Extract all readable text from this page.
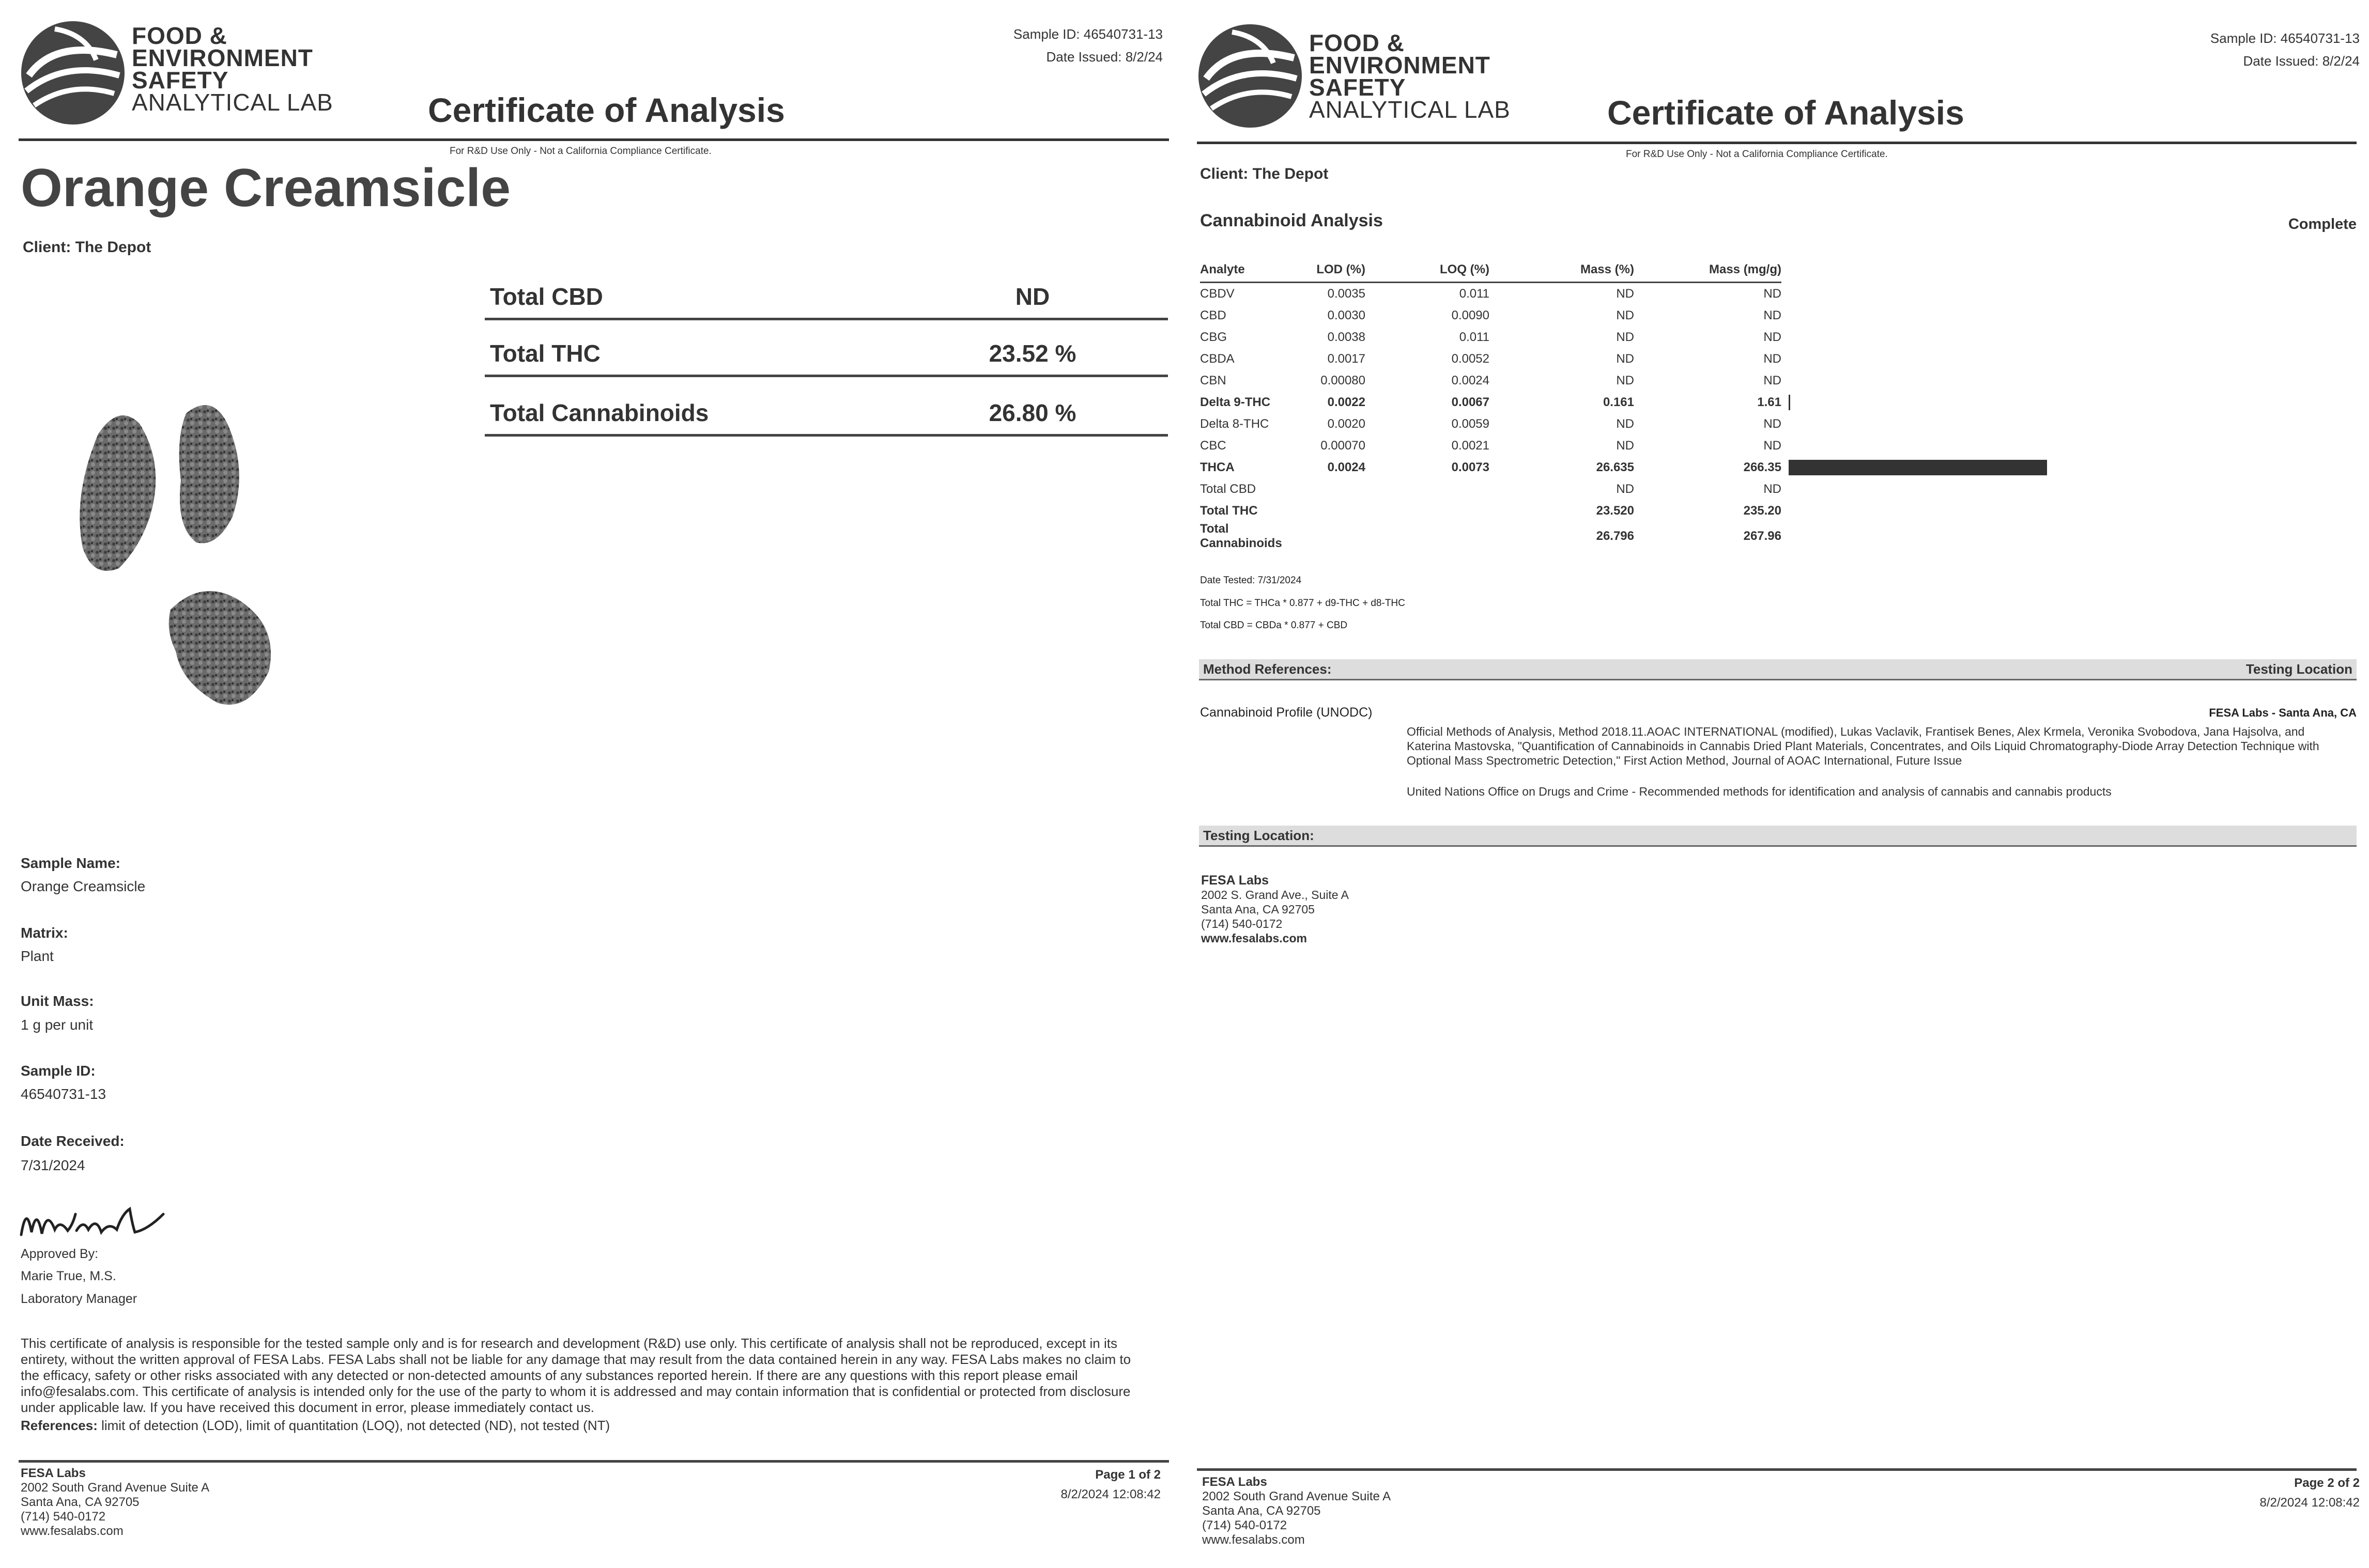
FOOD &
ENVIRONMENT
SAFETY
ANALYTICAL LAB
Sample ID: 46540731-13
Date Issued: 8/2/24
Certificate of Analysis
For R&D Use Only - Not a California Compliance Certificate.
Orange Creamsicle
Client: The Depot
Total CBD	ND
Total THC	23.52 %
Total Cannabinoids	26.80 %
Sample Name:
Orange Creamsicle
Matrix:
Plant
Unit Mass:
1 g per unit
Sample ID:
46540731-13
Date Received:
7/31/2024
Approved By:
Marie True, M.S.
Laboratory Manager
This certificate of analysis is responsible for the tested sample only and is for research and development (R&D) use only. This certificate of analysis shall not be reproduced, except in its entirety, without the written approval of FESA Labs. FESA Labs shall not be liable for any damage that may result from the data contained herein in any way. FESA Labs makes no claim to the efficacy, safety or other risks associated with any detected or non-detected amounts of any substances reported herein. If there are any questions with this report please email info@fesalabs.com. This certificate of analysis is intended only for the use of the party to whom it is addressed and may contain information that is confidential or protected from disclosure under applicable law. If you have received this document in error, please immediately contact us.
References: limit of detection (LOD), limit of quantitation (LOQ), not detected (ND), not tested (NT)
FESA Labs
2002 South Grand Avenue Suite A
Santa Ana, CA 92705
(714) 540-0172
www.fesalabs.com
Page 1 of 2
8/2/2024 12:08:42
FOOD &
ENVIRONMENT
SAFETY
ANALYTICAL LAB
Sample ID: 46540731-13
Date Issued: 8/2/24
Certificate of Analysis
For R&D Use Only - Not a California Compliance Certificate.
Client: The Depot
Cannabinoid Analysis	Complete
Analyte	LOD (%)	LOQ (%)	Mass (%)	Mass (mg/g)	
CBDV	0.0035	0.011	ND	ND	
CBD	0.0030	0.0090	ND	ND	
CBG	0.0038	0.011	ND	ND	
CBDA	0.0017	0.0052	ND	ND	
CBN	0.00080	0.0024	ND	ND	
Delta 9-THC	0.0022	0.0067	0.161	1.61	
Delta 8-THC	0.0020	0.0059	ND	ND	
CBC	0.00070	0.0021	ND	ND	
THCA	0.0024	0.0073	26.635	266.35	
Total CBD			ND	ND	
Total THC			23.520	235.20	
Total Cannabinoids			26.796	267.96	
Date Tested: 7/31/2024
Total THC = THCa * 0.877 + d9-THC + d8-THC
Total CBD = CBDa * 0.877 + CBD
Method References:	Testing Location
Cannabinoid Profile (UNODC)	FESA Labs - Santa Ana, CA
Official Methods of Analysis, Method 2018.11.AOAC INTERNATIONAL (modified), Lukas Vaclavik, Frantisek Benes, Alex Krmela, Veronika Svobodova, Jana Hajsolva, and Katerina Mastovska, "Quantification of Cannabinoids in Cannabis Dried Plant Materials, Concentrates, and Oils Liquid Chromatography-Diode Array Detection Technique with Optional Mass Spectrometric Detection," First Action Method, Journal of AOAC International, Future Issue
United Nations Office on Drugs and Crime - Recommended methods for identification and analysis of cannabis and cannabis products
Testing Location:
FESA Labs
2002 S. Grand Ave., Suite A
Santa Ana, CA 92705
(714) 540-0172
www.fesalabs.com
FESA Labs
2002 South Grand Avenue Suite A
Santa Ana, CA 92705
(714) 540-0172
www.fesalabs.com
Page 2 of 2
8/2/2024 12:08:42
